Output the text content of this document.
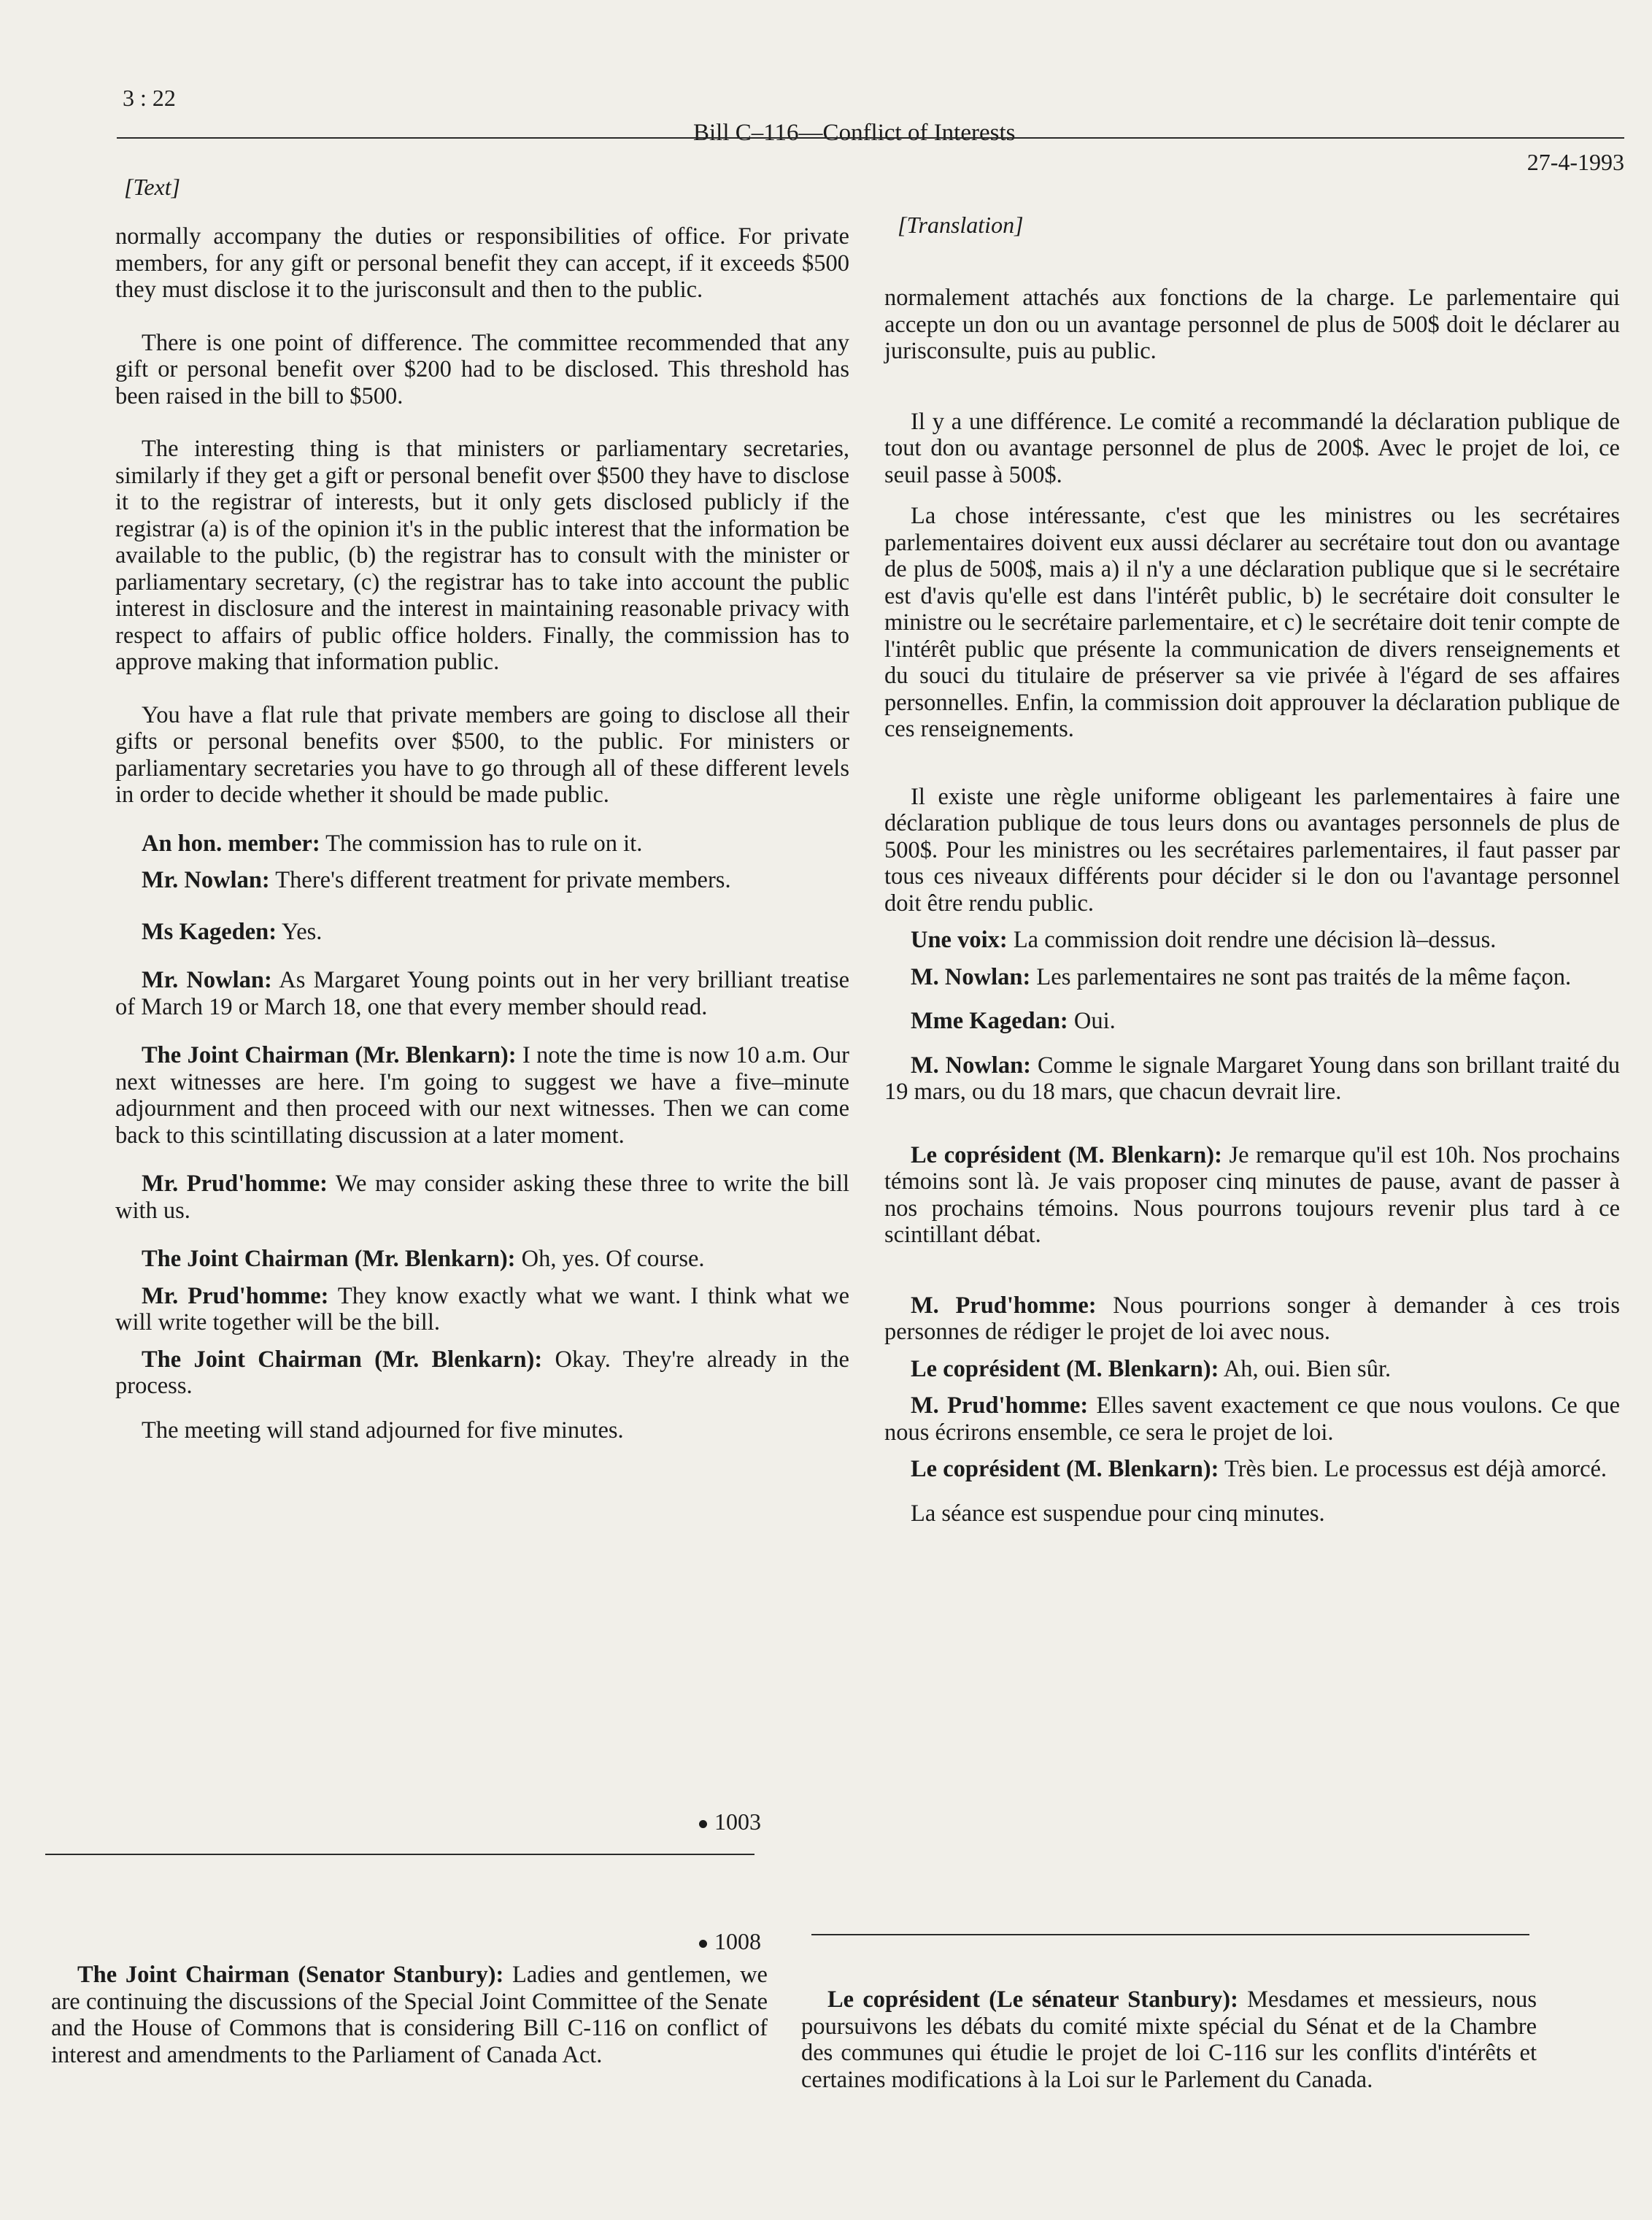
3 : 22
Bill C–116—Conflict of Interests
27-4-1993
[Text]

normally accompany the duties or responsibilities of office. For private members, for any gift or personal benefit they can accept, if it exceeds $500 they must disclose it to the jurisconsult and then to the public.

There is one point of difference. The committee recommended that any gift or personal benefit over $200 had to be disclosed. This threshold has been raised in the bill to $500.

The interesting thing is that ministers or parliamentary secretaries, similarly if they get a gift or personal benefit over $500 they have to disclose it to the registrar of interests, but it only gets disclosed publicly if the registrar (a) is of the opinion it's in the public interest that the information be available to the public, (b) the registrar has to consult with the minister or parliamentary secretary, (c) the registrar has to take into account the public interest in disclosure and the interest in maintaining reasonable privacy with respect to affairs of public office holders. Finally, the commission has to approve making that information public.

You have a flat rule that private members are going to disclose all their gifts or personal benefits over $500, to the public. For ministers or parliamentary secretaries you have to go through all of these different levels in order to decide whether it should be made public.

An hon. member: The commission has to rule on it.

Mr. Nowlan: There's different treatment for private members.

Ms Kageden: Yes.

Mr. Nowlan: As Margaret Young points out in her very brilliant treatise of March 19 or March 18, one that every member should read.

The Joint Chairman (Mr. Blenkarn): I note the time is now 10 a.m. Our next witnesses are here. I'm going to suggest we have a five–minute adjournment and then proceed with our next witnesses. Then we can come back to this scintillating discussion at a later moment.

Mr. Prud'homme: We may consider asking these three to write the bill with us.

The Joint Chairman (Mr. Blenkarn): Oh, yes. Of course.

Mr. Prud'homme: They know exactly what we want. I think what we will write together will be the bill.

The Joint Chairman (Mr. Blenkarn): Okay. They're already in the process.

The meeting will stand adjourned for five minutes.

1003
1008

The Joint Chairman (Senator Stanbury): Ladies and gentlemen, we are continuing the discussions of the Special Joint Committee of the Senate and the House of Commons that is considering Bill C-116 on conflict of interest and amendments to the Parliament of Canada Act.

[Translation]

normalement attachés aux fonctions de la charge. Le parlementaire qui accepte un don ou un avantage personnel de plus de 500$ doit le déclarer au jurisconsulte, puis au public.

Il y a une différence. Le comité a recommandé la déclaration publique de tout don ou avantage personnel de plus de 200$. Avec le projet de loi, ce seuil passe à 500$.

La chose intéressante, c'est que les ministres ou les secrétaires parlementaires doivent eux aussi déclarer au secrétaire tout don ou avantage de plus de 500$, mais a) il n'y a une déclaration publique que si le secrétaire est d'avis qu'elle est dans l'intérêt public, b) le secrétaire doit consulter le ministre ou le secrétaire parlementaire, et c) le secrétaire doit tenir compte de l'intérêt public que présente la communication de divers renseignements et du souci du titulaire de préserver sa vie privée à l'égard de ses affaires personnelles. Enfin, la commission doit approuver la déclaration publique de ces renseignements.

Il existe une règle uniforme obligeant les parlementaires à faire une déclaration publique de tous leurs dons ou avantages personnels de plus de 500$. Pour les ministres ou les secrétaires parlementaires, il faut passer par tous ces niveaux différents pour décider si le don ou l'avantage personnel doit être rendu public.

Une voix: La commission doit rendre une décision là–dessus.

M. Nowlan: Les parlementaires ne sont pas traités de la même façon.

Mme Kagedan: Oui.

M. Nowlan: Comme le signale Margaret Young dans son brillant traité du 19 mars, ou du 18 mars, que chacun devrait lire.

Le coprésident (M. Blenkarn): Je remarque qu'il est 10h. Nos prochains témoins sont là. Je vais proposer cinq minutes de pause, avant de passer à nos prochains témoins. Nous pourrons toujours revenir plus tard à ce scintillant débat.

M. Prud'homme: Nous pourrions songer à demander à ces trois personnes de rédiger le projet de loi avec nous.

Le coprésident (M. Blenkarn): Ah, oui. Bien sûr.

M. Prud'homme: Elles savent exactement ce que nous voulons. Ce que nous écrirons ensemble, ce sera le projet de loi.

Le coprésident (M. Blenkarn): Très bien. Le processus est déjà amorcé.

La séance est suspendue pour cinq minutes.

Le coprésident (Le sénateur Stanbury): Mesdames et messieurs, nous poursuivons les débats du comité mixte spécial du Sénat et de la Chambre des communes qui étudie le projet de loi C-116 sur les conflits d'intérêts et certaines modifications à la Loi sur le Parlement du Canada.
